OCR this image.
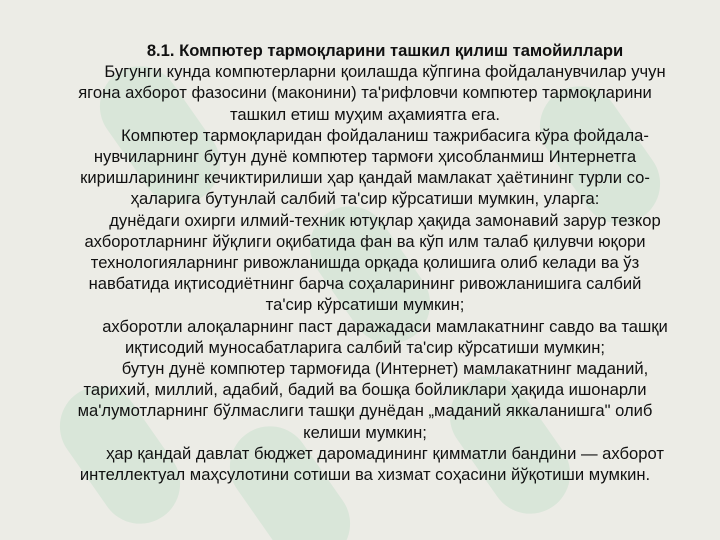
8.1. Компютер тармоқларини ташкил қилиш тамойиллари
Бугунги кунда компютерларни қоилашда кўпгина фойдаланувчилар учун
ягона ахборот фазосини (маконини) та'рифловчи компютер тармоқларини
ташкил етиш муҳим аҳамиятга ега.
Компютер тармоқларидан фойдаланиш тажрибасига кўра фойдала-
нувчиларнинг бутун дунё компютер тармоғи ҳисобланмиш Интернетга
киришларининг кечиктирилиши ҳар қандай мамлакат ҳаётининг турли со-
ҳаларига бутунлай салбий та'сир кўрсатиши мумкин, уларга:
дунёдаги охирги илмий-техник ютуқлар ҳақида замонавий зарур тезкор
ахборотларнинг йўқлиги оқибатида фан ва кўп илм талаб қилувчи юқори
технологияларнинг ривожланишда орқада қолишига олиб келади ва ўз
навбатида иқтисодиётнинг барча соҳаларининг ривожланишига салбий
та'сир кўрсатиши мумкин;
ахборотли алоқаларнинг паст даражадаси мамлакатнинг савдо ва ташқи
иқтисодий муносабатларига салбий та'сир кўрсатиши мумкин;
бутун дунё компютер тармоғида (Интернет) мамлакатнинг маданий,
тарихий, миллий, адабий, бадий ва бошқа бойликлари ҳақида ишонарли
ма'лумотларнинг бўлмаслиги ташқи дунёдан „маданий яккаланишга" олиб
келиши мумкин;
ҳар қандай давлат бюджет даромадининг қимматли бандини — ахборот
интеллектуал маҳсулотини сотиши ва хизмат соҳасини йўқотиши мумкин.
